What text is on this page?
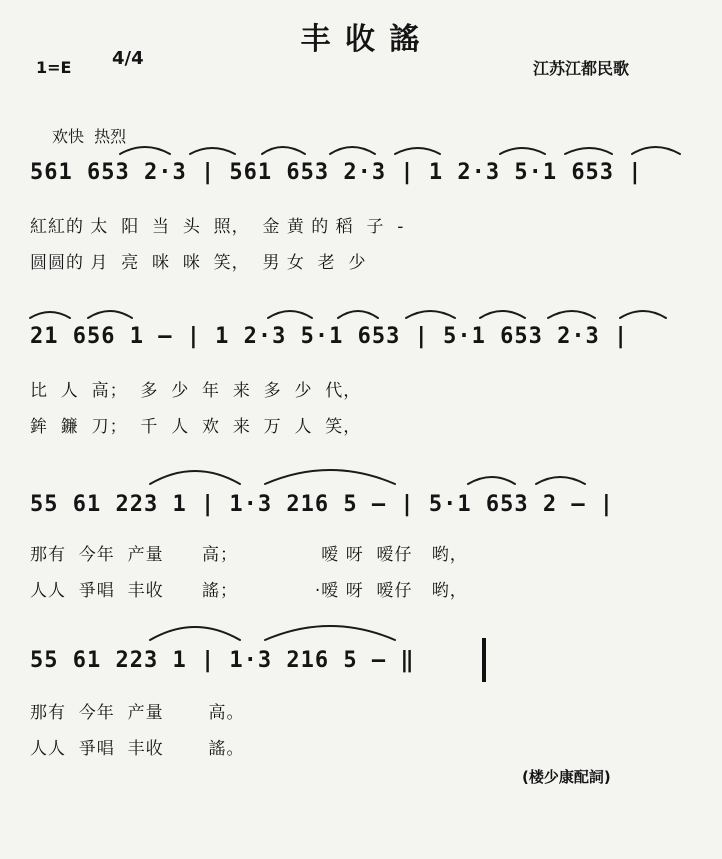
丰 收 謠
1=E 4/4	江苏江都民歌
欢快  热烈
561 653 2·3 | 561 653 2·3 | 1 2·3 5·1 653 |
紅紅的 太  阳  当  头  照，  金 黄 的 稻  子  -
圆圆的 月  亮  咪  咪  笑，  男 女  老  少
21 656 1 — | 1 2·3 5·1 653 | 5·1 653 2·3 |
比  人  高；  多  少  年  来  多  少  代，
鉾  鐮  刀；  千  人  欢  来  万  人  笑，
55 61 223 1 | 1·3 216 5 — | 5·1 653 2 — |
那有  今年  产量      高；             嗳 呀  嗳仔   哟，
人人  爭唱  丰收      謠；            ·嗳 呀  嗳仔   哟，
55 61 223 1 | 1·3 216 5 — ‖
那有  今年  产量       高。
人人  爭唱  丰收       謠。
(楼少康配詞)
